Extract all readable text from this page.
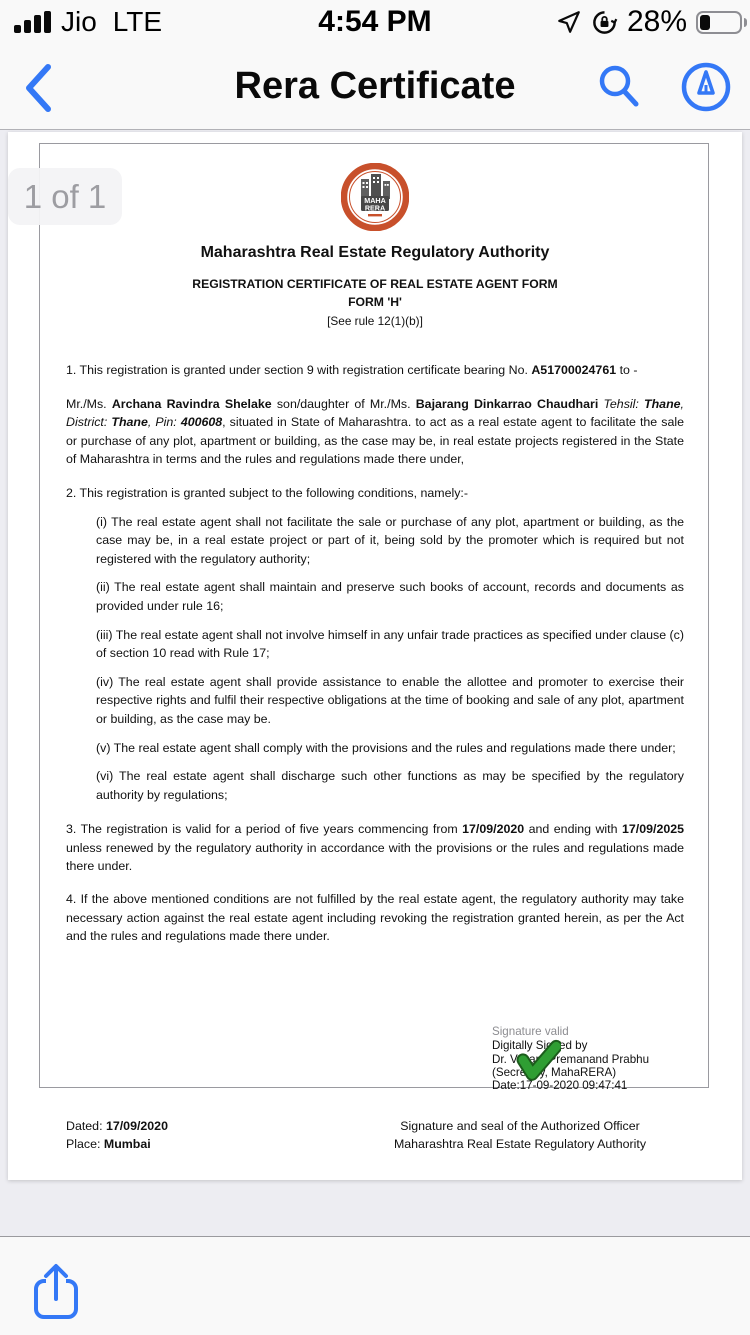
Jio LTE	4:54 PM	28%
Rera Certificate
1 of 1	MAHA
RERA
Maharashtra Real Estate Regulatory Authority
REGISTRATION CERTIFICATE OF REAL ESTATE AGENT FORM
FORM 'H'
[See rule 12(1)(b)]
1. This registration is granted under section 9 with registration certificate bearing No. A51700024761 to -
Mr./Ms. Archana Ravindra Shelake son/daughter of Mr./Ms. Bajarang Dinkarrao Chaudhari Tehsil: Thane, District: Thane, Pin: 400608, situated in State of Maharashtra. to act as a real estate agent to facilitate the sale or purchase of any plot, apartment or building, as the case may be, in real estate projects registered in the State of Maharashtra in terms and the rules and regulations made there under,
2. This registration is granted subject to the following conditions, namely:-
(i) The real estate agent shall not facilitate the sale or purchase of any plot, apartment or building, as the case may be, in a real estate project or part of it, being sold by the promoter which is required but not registered with the regulatory authority;
(ii) The real estate agent shall maintain and preserve such books of account, records and documents as provided under rule 16;
(iii) The real estate agent shall not involve himself in any unfair trade practices as specified under clause (c) of section 10 read with Rule 17;
(iv) The real estate agent shall provide assistance to enable the allottee and promoter to exercise their respective rights and fulfil their respective obligations at the time of booking and sale of any plot, apartment or building, as the case may be.
(v) The real estate agent shall comply with the provisions and the rules and regulations made there under;
(vi) The real estate agent shall discharge such other functions as may be specified by the regulatory authority by regulations;
3. The registration is valid for a period of five years commencing from 17/09/2020 and ending with 17/09/2025 unless renewed by the regulatory authority in accordance with the provisions or the rules and regulations made there under.
4. If the above mentioned conditions are not fulfilled by the real estate agent, the regulatory authority may take necessary action against the real estate agent including revoking the registration granted herein, as per the Act and the rules and regulations made there under.
Signature valid
Digitally Signed by
Dr. Vasant Premanand Prabhu
(Secretary, MahaRERA)
Date:17-09-2020 09:47:41
Dated: 17/09/2020
Place: Mumbai
Signature and seal of the Authorized Officer
Maharashtra Real Estate Regulatory Authority
